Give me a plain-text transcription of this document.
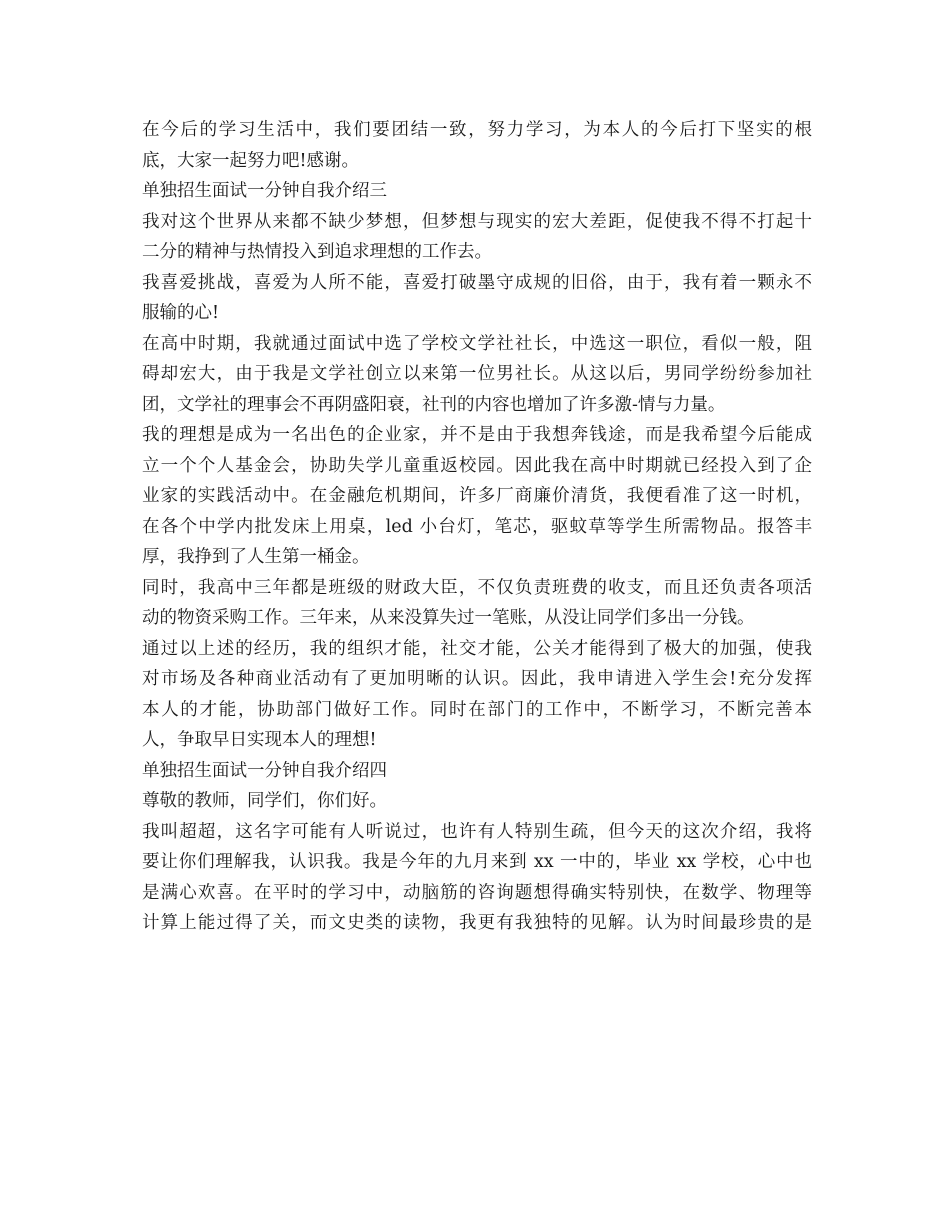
在今后的学习生活中，我们要团结一致，努力学习，为本人的今后打下坚实的根
底，大家一起努力吧!感谢。
单独招生面试一分钟自我介绍三
我对这个世界从来都不缺少梦想，但梦想与现实的宏大差距，促使我不得不打起十
二分的精神与热情投入到追求理想的工作去。
我喜爱挑战，喜爱为人所不能，喜爱打破墨守成规的旧俗，由于，我有着一颗永不
服输的心!
在高中时期，我就通过面试中选了学校文学社社长，中选这一职位，看似一般，阻
碍却宏大，由于我是文学社创立以来第一位男社长。从这以后，男同学纷纷参加社
团，文学社的理事会不再阴盛阳衰，社刊的内容也增加了许多激-情与力量。
我的理想是成为一名出色的企业家，并不是由于我想奔钱途，而是我希望今后能成
立一个个人基金会，协助失学儿童重返校园。因此我在高中时期就已经投入到了企
业家的实践活动中。在金融危机期间，许多厂商廉价清货，我便看准了这一时机，
在各个中学内批发床上用桌，led 小台灯，笔芯，驱蚊草等学生所需物品。报答丰
厚，我挣到了人生第一桶金。
同时，我高中三年都是班级的财政大臣，不仅负责班费的收支，而且还负责各项活
动的物资采购工作。三年来，从来没算失过一笔账，从没让同学们多出一分钱。
通过以上述的经历，我的组织才能，社交才能，公关才能得到了极大的加强，使我
对市场及各种商业活动有了更加明晰的认识。因此，我申请进入学生会!充分发挥
本人的才能，协助部门做好工作。同时在部门的工作中，不断学习，不断完善本
人，争取早日实现本人的理想!
单独招生面试一分钟自我介绍四
尊敬的教师，同学们，你们好。
我叫超超，这名字可能有人听说过，也许有人特别生疏，但今天的这次介绍，我将
要让你们理解我，认识我。我是今年的九月来到 xx 一中的，毕业 xx 学校，心中也
是满心欢喜。在平时的学习中，动脑筋的咨询题想得确实特别快，在数学、物理等
计算上能过得了关，而文史类的读物，我更有我独特的见解。认为时间最珍贵的是
